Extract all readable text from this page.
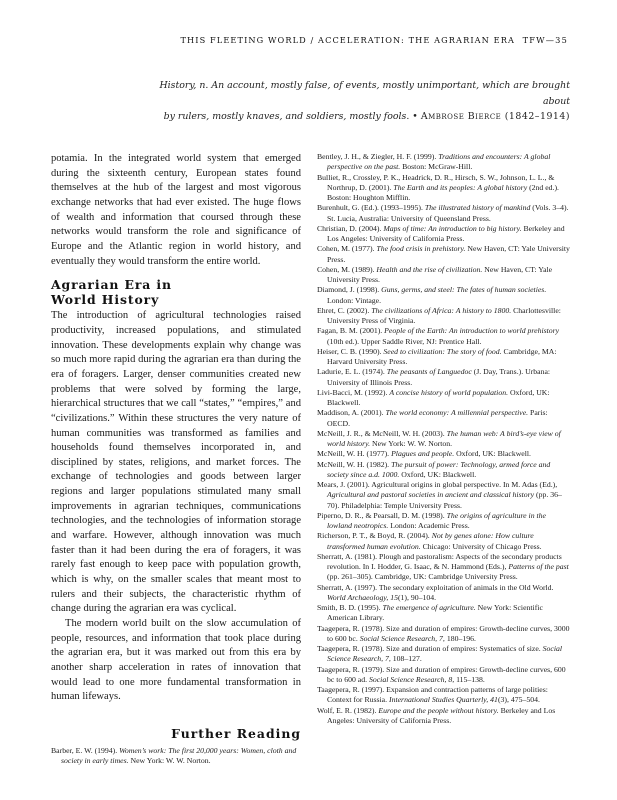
THIS FLEETING WORLD / ACCELERATION: THE AGRARIAN ERA TFW—35
History, n. An account, mostly false, of events, mostly unimportant, which are brought about
by rulers, mostly knaves, and soldiers, mostly fools. • Ambrose Bierce (1842–1914)

potamia. In the integrated world system that emerged during the sixteenth century, European states found themselves at the hub of the largest and most vigorous exchange networks that had ever existed. The huge flows of wealth and information that coursed through these networks would transform the role and significance of Europe and the Atlantic region in world history, and eventually they would transform the entire world.

Agrarian Era in
World History

The introduction of agricultural technologies raised productivity, increased populations, and stimulated innovation. These developments explain why change was so much more rapid during the agrarian era than during the era of foragers. Larger, denser communities created new problems that were solved by forming the large, hierarchical structures that we call “states,” “empires,” and “civilizations.” Within these structures the very nature of human communities was transformed as families and households found themselves incorporated in, and disciplined by states, religions, and market forces. The exchange of technologies and goods between larger regions and larger populations stimulated many small improvements in agrarian techniques, communications technologies, and the technologies of information storage and warfare. However, although innovation was much faster than it had been during the era of foragers, it was rarely fast enough to keep pace with population growth, which is why, on the smaller scales that meant most to rulers and their subjects, the characteristic rhythm of change during the agrarian era was cyclical.

The modern world built on the slow accumulation of people, resources, and information that took place during the agrarian era, but it was marked out from this era by another sharp acceleration in rates of innovation that would lead to one more fundamental transformation in human lifeways.

Further Reading
Barber, E. W. (1994). Women’s work: The first 20,000 years: Women, cloth and society in early times. New York: W. W. Norton.

Bentley, J. H., & Ziegler, H. F. (1999). Traditions and encounters: A global perspective on the past. Boston: McGraw-Hill.

Bulliet, R., Crossley, P. K., Headrick, D. R., Hirsch, S. W., Johnson, L. L., & Northrup, D. (2001). The Earth and its peoples: A global history (2nd ed.). Boston: Houghton Mifflin.

Burenhult, G. (Ed.). (1993–1995). The illustrated history of mankind (Vols. 3–4). St. Lucia, Australia: University of Queensland Press.

Christian, D. (2004). Maps of time: An introduction to big history. Berkeley and Los Angeles: University of California Press.

Cohen, M. (1977). The food crisis in prehistory. New Haven, CT: Yale University Press.

Cohen, M. (1989). Health and the rise of civilization. New Haven, CT: Yale University Press.

Diamond, J. (1998). Guns, germs, and steel: The fates of human societies. London: Vintage.

Ehret, C. (2002). The civilizations of Africa: A history to 1800. Charlottesville: University Press of Virginia.

Fagan, B. M. (2001). People of the Earth: An introduction to world prehistory (10th ed.). Upper Saddle River, NJ: Prentice Hall.

Heiser, C. B. (1990). Seed to civilization: The story of food. Cambridge, MA: Harvard University Press.

Ladurie, E. L. (1974). The peasants of Languedoc (J. Day, Trans.). Urbana: University of Illinois Press.

Livi-Bacci, M. (1992). A concise history of world population. Oxford, UK: Blackwell.

Maddison, A. (2001). The world economy: A millennial perspective. Paris: OECD.

McNeill, J. R., & McNeill, W. H. (2003). The human web: A bird’s-eye view of world history. New York: W. W. Norton.

McNeill, W. H. (1977). Plagues and people. Oxford, UK: Blackwell.

McNeill, W. H. (1982). The pursuit of power: Technology, armed force and society since a.d. 1000. Oxford, UK: Blackwell.

Mears, J. (2001). Agricultural origins in global perspective. In M. Adas (Ed.), Agricultural and pastoral societies in ancient and classical history (pp. 36–70). Philadelphia: Temple University Press.

Piperno, D. R., & Pearsall, D. M. (1998). The origins of agriculture in the lowland neotropics. London: Academic Press.

Richerson, P. T., & Boyd, R. (2004). Not by genes alone: How culture transformed human evolution. Chicago: University of Chicago Press.

Sherratt, A. (1981). Plough and pastoralism: Aspects of the secondary products revolution. In I. Hodder, G. Isaac, & N. Hammond (Eds.), Patterns of the past (pp. 261–305). Cambridge, UK: Cambridge University Press.

Sherratt, A. (1997). The secondary exploitation of animals in the Old World. World Archaeology, 15(1), 90–104.

Smith, B. D. (1995). The emergence of agriculture. New York: Scientific American Library.

Taagepera, R. (1978). Size and duration of empires: Growth-decline curves, 3000 to 600 bc. Social Science Research, 7, 180–196.

Taagepera, R. (1978). Size and duration of empires: Systematics of size. Social Science Research, 7, 108–127.

Taagepera, R. (1979). Size and duration of empires: Growth-decline curves, 600 bc to 600 ad. Social Science Research, 8, 115–138.

Taagepera, R. (1997). Expansion and contraction patterns of large polities: Context for Russia. International Studies Quarterly, 41(3), 475–504.

Wolf, E. R. (1982). Europe and the people without history. Berkeley and Los Angeles: University of California Press.
